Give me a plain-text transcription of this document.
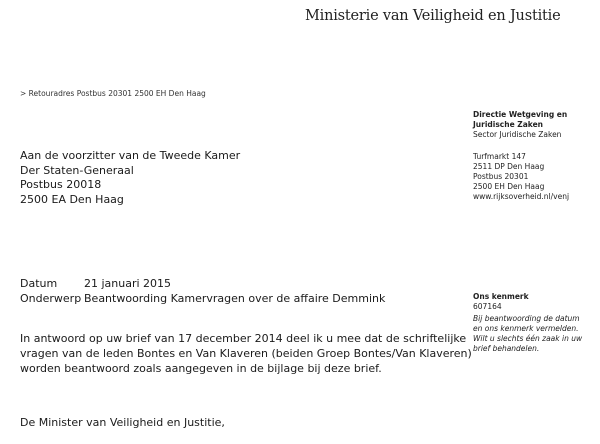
Ministerie van Veiligheid en Justitie
> Retouradres Postbus 20301 2500 EH Den Haag
Aan de voorzitter van de Tweede Kamer
Der Staten-Generaal
Postbus 20018
2500 EA Den Haag
Directie Wetgeving en
Juridische Zaken
Sector Juridische Zaken
Turfmarkt 147
2511 DP Den Haag
Postbus 20301
2500 EH Den Haag
www.rijksoverheid.nl/venj
Datum	21 januari 2015
Onderwerp Beantwoording Kamervragen over de affaire Demmink	Ons kenmerk
607164
Bij beantwoording de datum
en ons kenmerk vermelden.
Wilt u slechts één zaak in uw
brief behandelen.
In antwoord op uw brief van 17 december 2014 deel ik u mee dat de schriftelijke
vragen van de leden Bontes en Van Klaveren (beiden Groep Bontes/Van Klaveren)
worden beantwoord zoals aangegeven in de bijlage bij deze brief.
De Minister van Veiligheid en Justitie,
